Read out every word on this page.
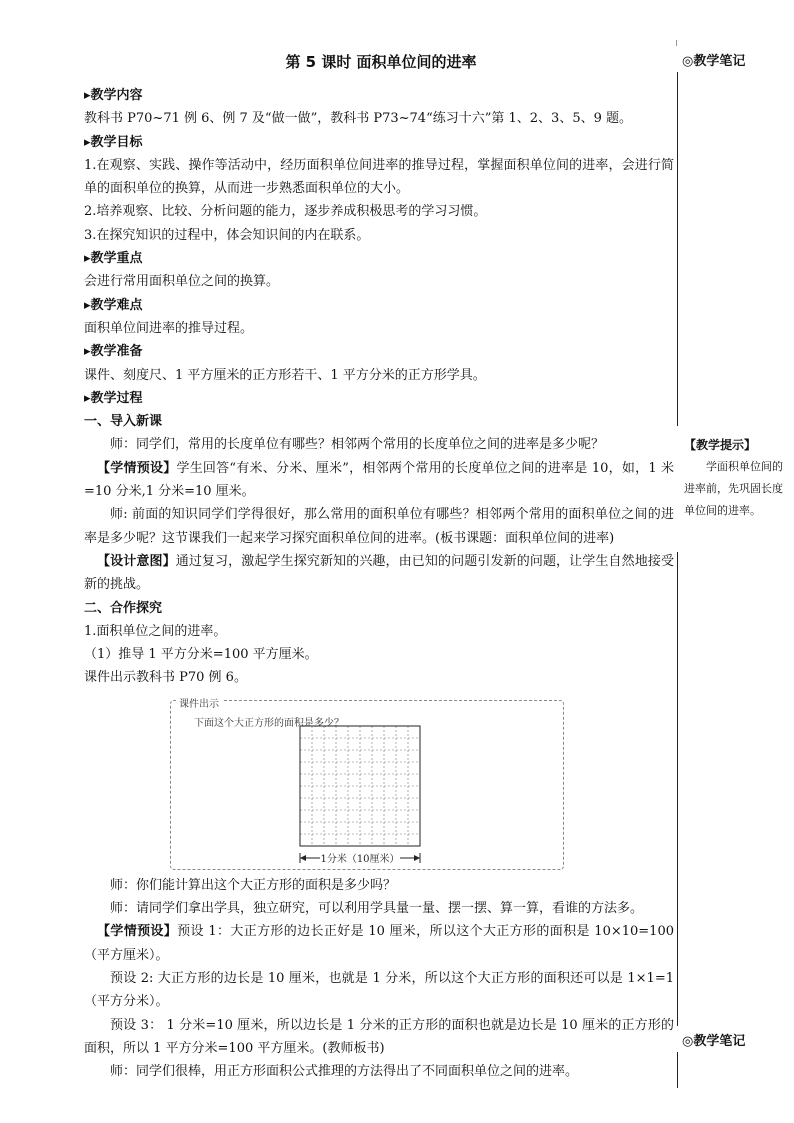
第 5 课时 面积单位间的进率	◎教学笔记
◎教学笔记

▸教学内容

教科书 P70~71 例 6、例 7 及“做一做”，教科书 P73~74“练习十六”第 1、2、3、5、9 题。

▸教学目标

1.在观察、实践、操作等活动中，经历面积单位间进率的推导过程，掌握面积单位间的进率，会进行简单的面积单位的换算，从而进一步熟悉面积单位的大小。

2.培养观察、比较、分析问题的能力，逐步养成积极思考的学习习惯。

3.在探究知识的过程中，体会知识间的内在联系。

▸教学重点

会进行常用面积单位之间的换算。

▸教学难点

面积单位间进率的推导过程。

▸教学准备

课件、刻度尺、1 平方厘米的正方形若干、1 平方分米的正方形学具。

▸教学过程

一、导入新课

师：同学们，常用的长度单位有哪些？相邻两个常用的长度单位之间的进率是多少呢？

【学情预设】学生回答“有米、分米、厘米”，相邻两个常用的长度单位之间的进率是 10，如，1 米=10 分米,1 分米=10 厘米。

师: 前面的知识同学们学得很好，那么常用的面积单位有哪些？相邻两个常用的面积单位之间的进率是多少呢？这节课我们一起来学习探究面积单位间的进率。(板书课题：面积单位间的进率)

【设计意图】通过复习，激起学生探究新知的兴趣，由已知的问题引发新的问题，让学生自然地接受新的挑战。

二、合作探究

1.面积单位之间的进率。

（1）推导 1 平方分米=100 平方厘米。

课件出示教科书 P70 例 6。

课件出示
下面这个大正方形的面积是多少？
1分米（10厘米）

师：你们能计算出这个大正方形的面积是多少吗？

师：请同学们拿出学具，独立研究，可以利用学具量一量、摆一摆、算一算，看谁的方法多。

【学情预设】预设 1：大正方形的边长正好是 10 厘米，所以这个大正方形的面积是 10×10=100（平方厘米）。

预设 2: 大正方形的边长是 10 厘米，也就是 1 分米，所以这个大正方形的面积还可以是 1×1=1（平方分米）。

预设 3： 1 分米=10 厘米，所以边长是 1 分米的正方形的面积也就是边长是 10 厘米的正方形的面积，所以 1 平方分米=100 平方厘米。(教师板书)

师：同学们很棒，用正方形面积公式推理的方法得出了不同面积单位之间的进率。

【教学提示】

学面积单位间的进率前，先巩固长度单位间的进率。
